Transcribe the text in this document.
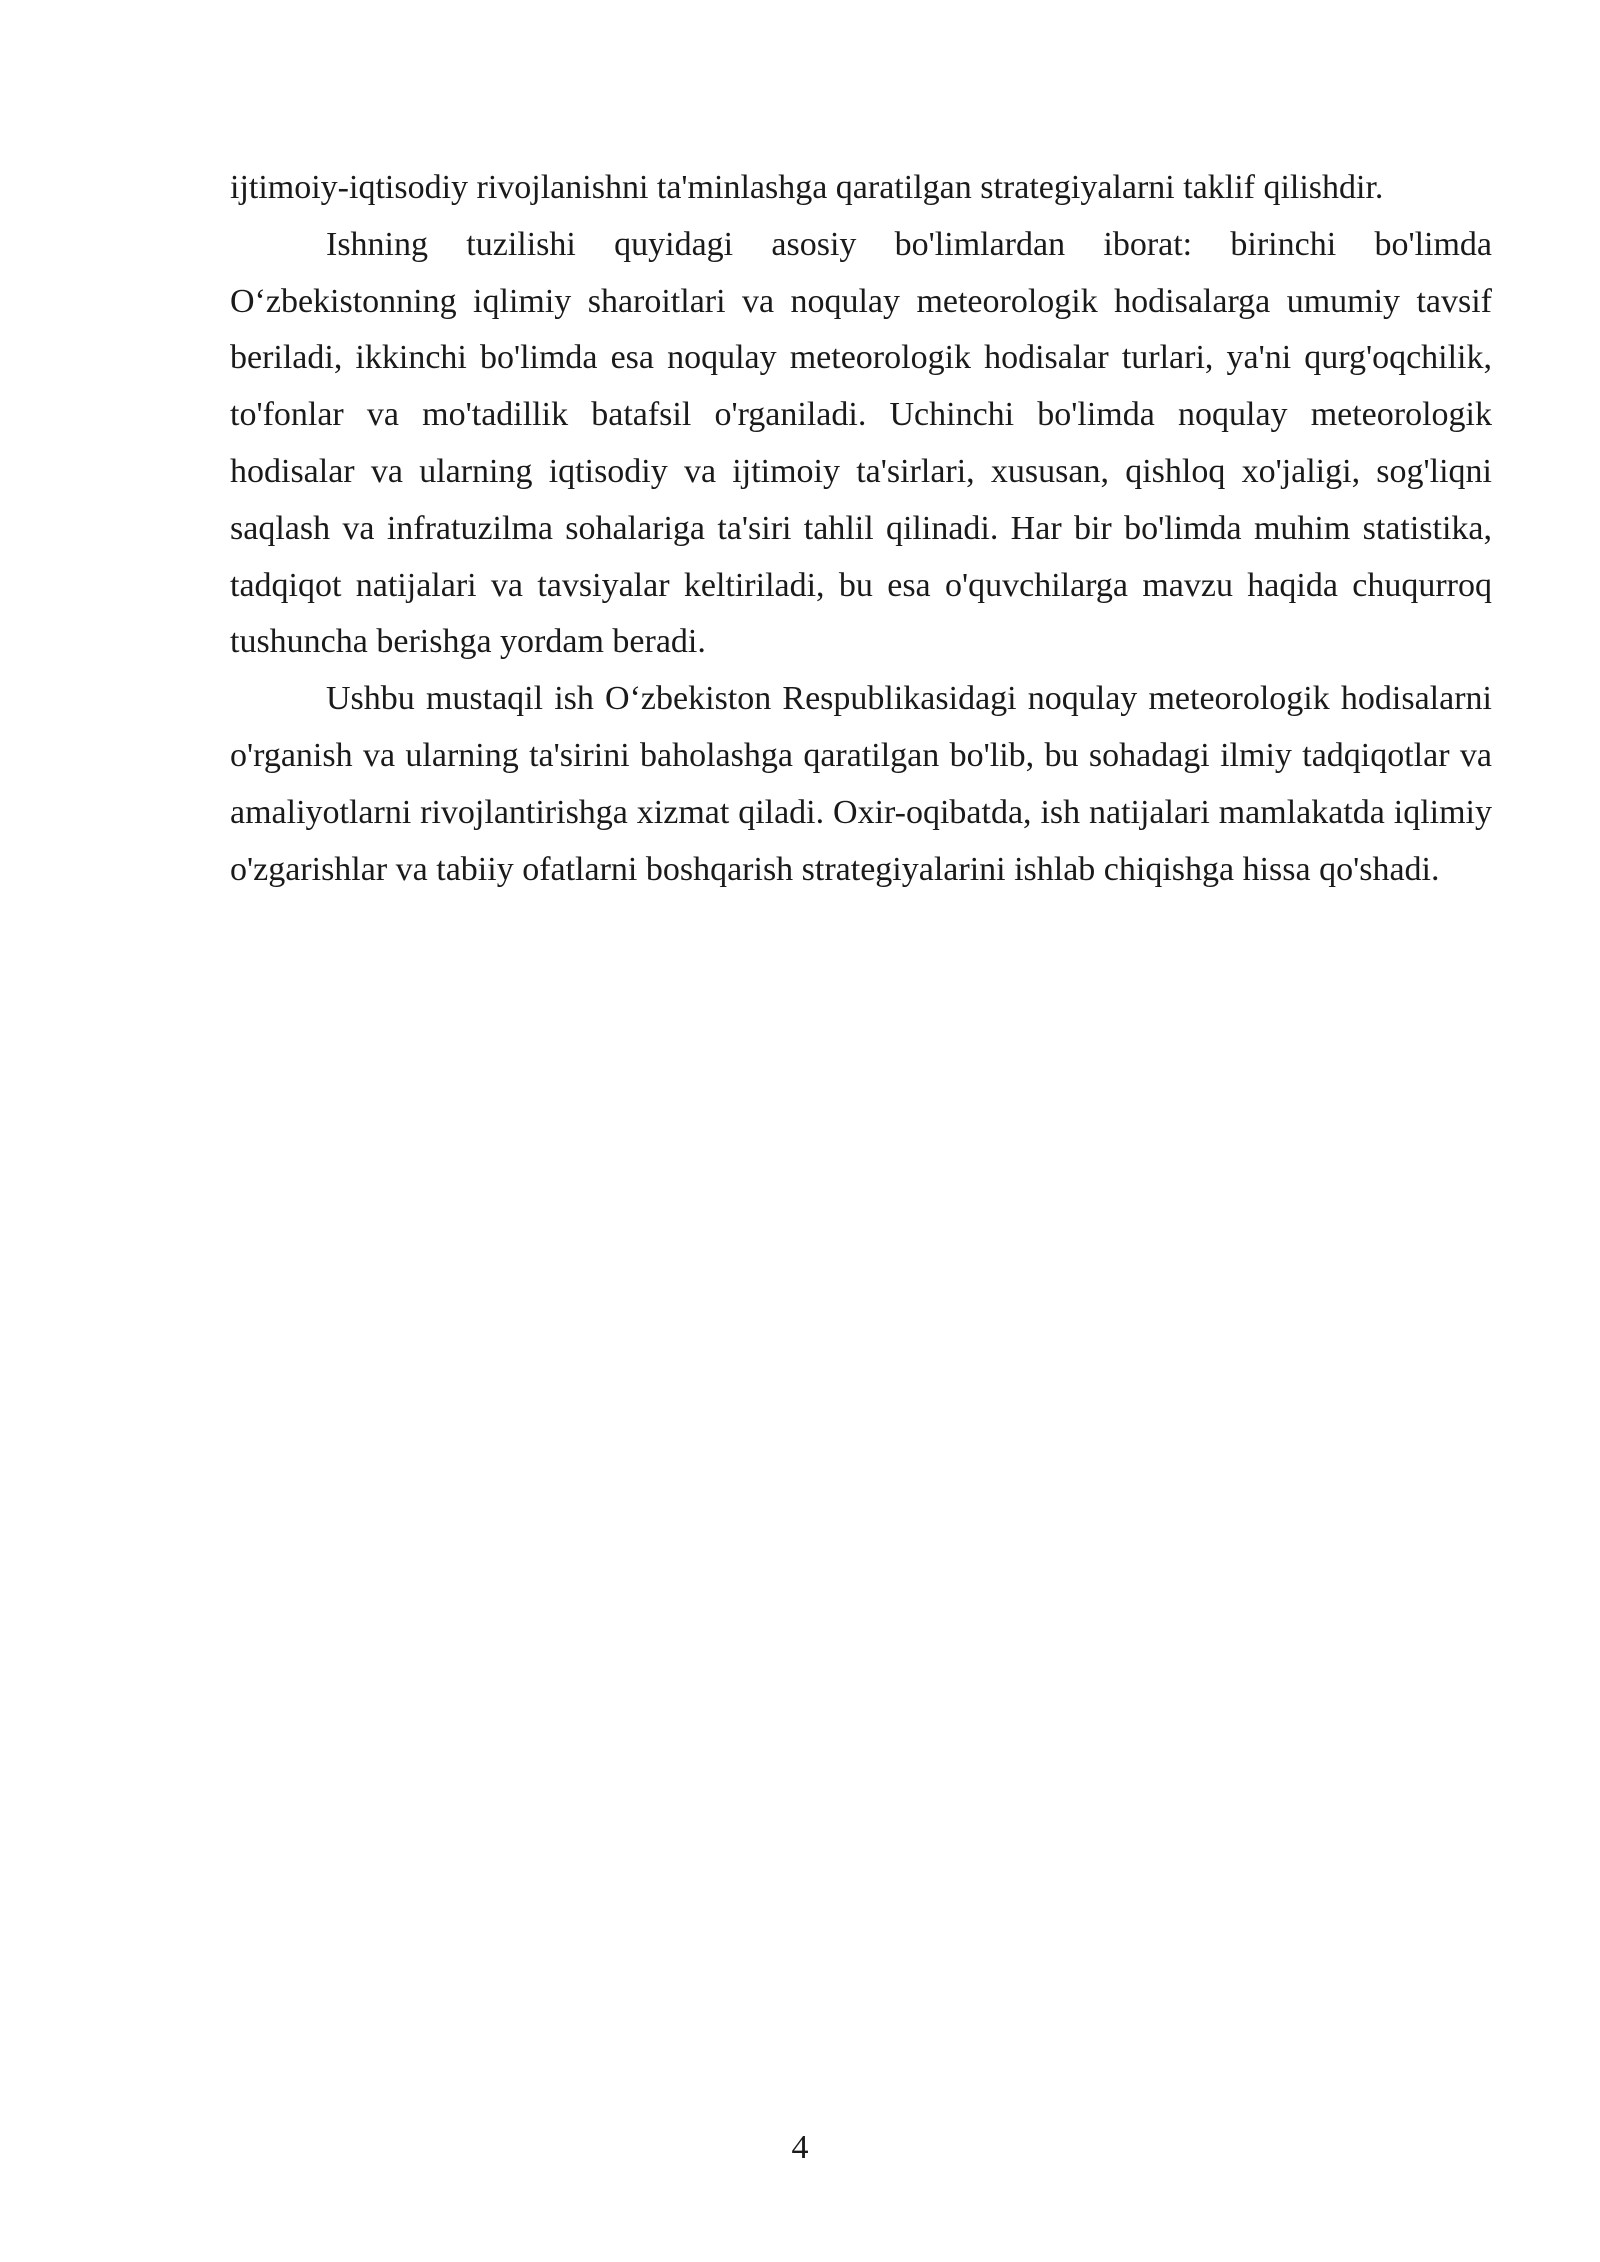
ijtimoiy-iqtisodiy rivojlanishni ta'minlashga qaratilgan strategiyalarni taklif qilishdir.

Ishning tuzilishi quyidagi asosiy bo'limlardan iborat: birinchi bo'limda O‘zbekistonning iqlimiy sharoitlari va noqulay meteorologik hodisalarga umumiy tavsif beriladi, ikkinchi bo'limda esa noqulay meteorologik hodisalar turlari, ya'ni qurg'oqchilik, to'fonlar va mo'tadillik batafsil o'rganiladi. Uchinchi bo'limda noqulay meteorologik hodisalar va ularning iqtisodiy va ijtimoiy ta'sirlari, xususan, qishloq xo'jaligi, sog'liqni saqlash va infratuzilma sohalariga ta'siri tahlil qilinadi. Har bir bo'limda muhim statistika, tadqiqot natijalari va tavsiyalar keltiriladi, bu esa o'quvchilarga mavzu haqida chuqurroq tushuncha berishga yordam beradi.

Ushbu mustaqil ish O‘zbekiston Respublikasidagi noqulay meteorologik hodisalarni o'rganish va ularning ta'sirini baholashga qaratilgan bo'lib, bu sohadagi ilmiy tadqiqotlar va amaliyotlarni rivojlantirishga xizmat qiladi. Oxir-oqibatda, ish natijalari mamlakatda iqlimiy o'zgarishlar va tabiiy ofatlarni boshqarish strategiyalarini ishlab chiqishga hissa qo'shadi.

4
